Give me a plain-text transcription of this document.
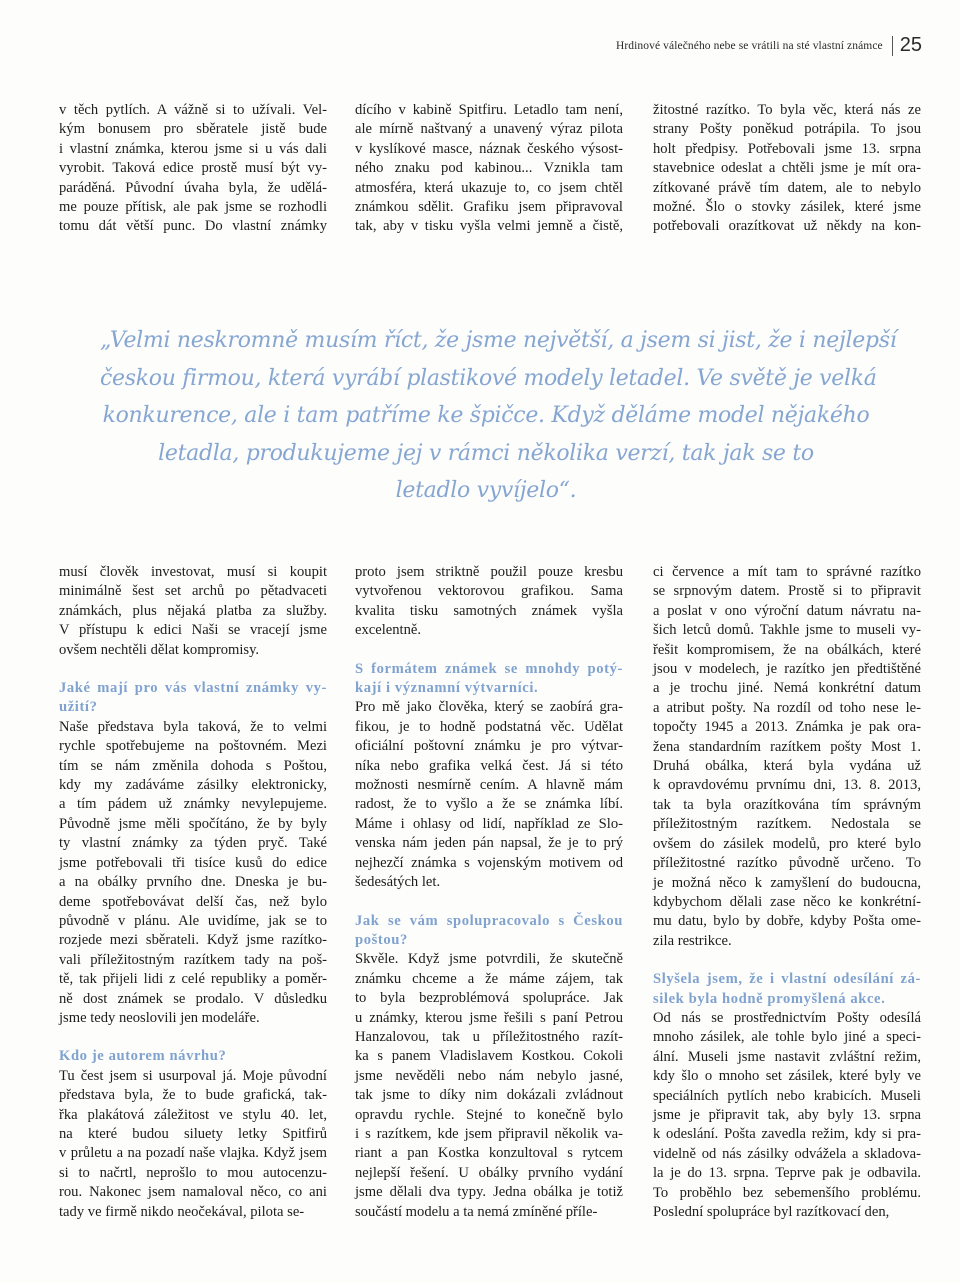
Hrdinové válečného nebe se vrátili na sté vlastní známce 25

v těch pytlích. A vážně si to užívali. Vel-
kým bonusem pro sběratele jistě bude
i vlastní známka, kterou jsme si u vás dali
vyrobit. Taková edice prostě musí být vy-
paráděná. Původní úvaha byla, že udělá-
me pouze přítisk, ale pak jsme se rozhodli
tomu dát větší punc. Do vlastní známky

dícího v kabině Spitfiru. Letadlo tam není,
ale mírně naštvaný a unavený výraz pilota
v kyslíkové masce, náznak českého výsost-
ného znaku pod kabinou... Vznikla tam
atmosféra, která ukazuje to, co jsem chtěl
známkou sdělit. Grafiku jsem připravoval
tak, aby v tisku vyšla velmi jemně a čistě,

žitostné razítko. To byla věc, která nás ze
strany Pošty poněkud potrápila. To jsou
holt předpisy. Potřebovali jsme 13. srpna
stavebnice odeslat a chtěli jsme je mít ora-
zítkované právě tím datem, ale to nebylo
možné. Šlo o stovky zásilek, které jsme
potřebovali orazítkovat už někdy na kon-

„Velmi neskromně musím říct, že jsme největší, a jsem si jist, že i nejlepší
českou firmou, která vyrábí plastikové modely letadel. Ve světě je velká
konkurence, ale i tam patříme ke špičce. Když děláme model nějakého
letadla, produkujeme jej v rámci několika verzí, tak jak se to
letadlo vyvíjelo“.

musí člověk investovat, musí si koupit
minimálně šest set archů po pětadvaceti
známkách, plus nějaká platba za služby.
V přístupu k edici Naši se vracejí jsme
ovšem nechtěli dělat kompromisy.

Jaké mají pro vás vlastní známky vy-
užití?

Naše představa byla taková, že to velmi
rychle spotřebujeme na poštovném. Mezi
tím se nám změnila dohoda s Poštou,
kdy my zadáváme zásilky elektronicky,
a tím pádem už známky nevylepujeme.
Původně jsme měli spočítáno, že by byly
ty vlastní známky za týden pryč. Také
jsme potřebovali tři tisíce kusů do edice
a na obálky prvního dne. Dneska je bu-
deme spotřebovávat delší čas, než bylo
původně v plánu. Ale uvidíme, jak se to
rozjede mezi sběrateli. Když jsme razítko-
vali příležitostným razítkem tady na poš-
tě, tak přijeli lidi z celé republiky a poměr-
ně dost známek se prodalo. V důsledku
jsme tedy neoslovili jen modeláře.

Kdo je autorem návrhu?

Tu čest jsem si usurpoval já. Moje původní
představa byla, že to bude grafická, tak-
řka plakátová záležitost ve stylu 40. let,
na které budou siluety letky Spitfirů
v průletu a na pozadí naše vlajka. Když jsem
si to načrtl, neprošlo to mou autocenzu-
rou. Nakonec jsem namaloval něco, co ani
tady ve firmě nikdo neočekával, pilota se-

proto jsem striktně použil pouze kresbu
vytvořenou vektorovou grafikou. Sama
kvalita tisku samotných známek vyšla
excelentně.

S formátem známek se mnohdy potý-
kají i významní výtvarníci.

Pro mě jako člověka, který se zaobírá gra-
fikou, je to hodně podstatná věc. Udělat
oficiální poštovní známku je pro výtvar-
níka nebo grafika velká čest. Já si této
možnosti nesmírně cením. A hlavně mám
radost, že to vyšlo a že se známka líbí.
Máme i ohlasy od lidí, například ze Slo-
venska nám jeden pán napsal, že je to prý
nejhezčí známka s vojenským motivem od
šedesátých let.

Jak se vám spolupracovalo s Českou
poštou?

Skvěle. Když jsme potvrdili, že skutečně
známku chceme a že máme zájem, tak
to byla bezproblémová spolupráce. Jak
u známky, kterou jsme řešili s paní Petrou
Hanzalovou, tak u příležitostného razít-
ka s panem Vladislavem Kostkou. Cokoli
jsme nevěděli nebo nám nebylo jasné,
tak jsme to díky nim dokázali zvládnout
opravdu rychle. Stejné to konečně bylo
i s razítkem, kde jsem připravil několik va-
riant a pan Kostka konzultoval s rytcem
nejlepší řešení. U obálky prvního vydání
jsme dělali dva typy. Jedna obálka je totiž
součástí modelu a ta nemá zmíněné příle-

ci července a mít tam to správné razítko
se srpnovým datem. Prostě si to připravit
a poslat v ono výroční datum návratu na-
šich letců domů. Takhle jsme to museli vy-
řešit kompromisem, že na obálkách, které
jsou v modelech, je razítko jen předtištěné
a je trochu jiné. Nemá konkrétní datum
a atribut pošty. Na rozdíl od toho nese le-
topočty 1945 a 2013. Známka je pak ora-
žena standardním razítkem pošty Most 1.
Druhá obálka, která byla vydána už
k opravdovému prvnímu dni, 13. 8. 2013,
tak ta byla orazítkována tím správným
příležitostným razítkem. Nedostala se
ovšem do zásilek modelů, pro které bylo
příležitostné razítko původně určeno. To
je možná něco k zamyšlení do budoucna,
kdybychom dělali zase něco ke konkrétní-
mu datu, bylo by dobře, kdyby Pošta ome-
zila restrikce.

Slyšela jsem, že i vlastní odesílání zá-
silek byla hodně promyšlená akce.

Od nás se prostřednictvím Pošty odesílá
mnoho zásilek, ale tohle bylo jiné a speci-
ální. Museli jsme nastavit zvláštní režim,
kdy šlo o mnoho set zásilek, které byly ve
speciálních pytlích nebo krabicích. Museli
jsme je připravit tak, aby byly 13. srpna
k odeslání. Pošta zavedla režim, kdy si pra-
videlně od nás zásilky odvážela a skladova-
la je do 13. srpna. Teprve pak je odbavila.
To proběhlo bez sebemenšího problému.
Poslední spolupráce byl razítkovací den,
